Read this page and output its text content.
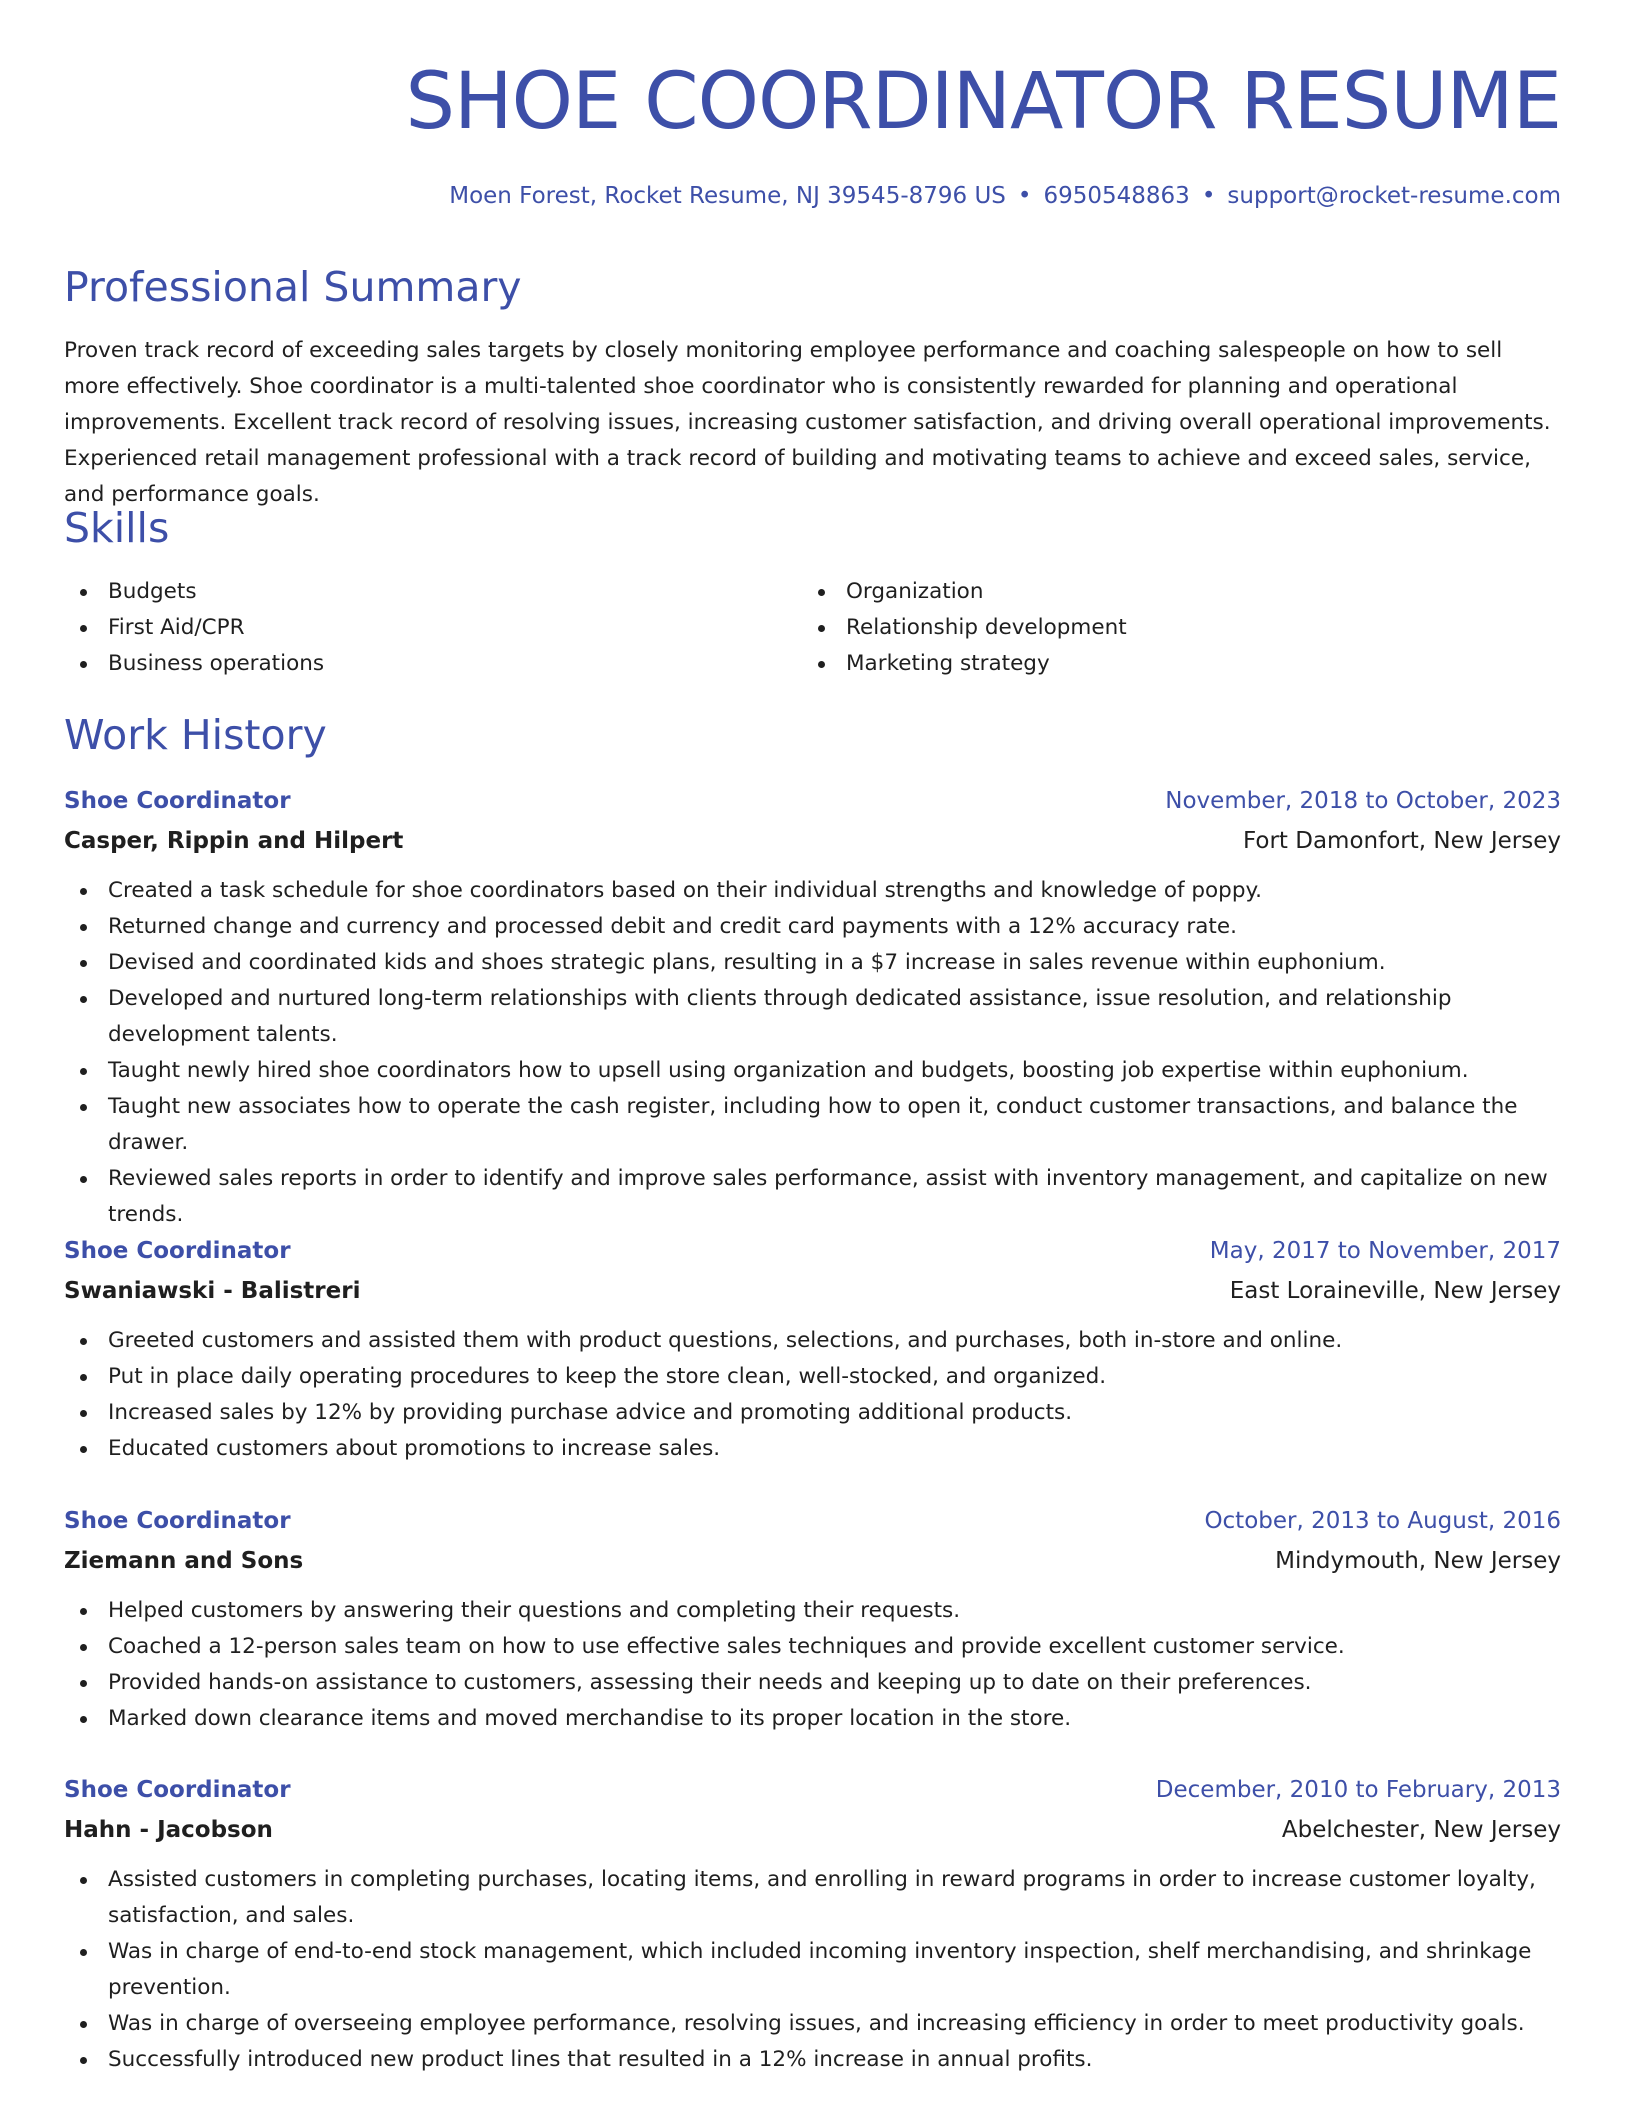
SHOE COORDINATOR RESUME
Moen Forest, Rocket Resume, NJ 39545-8796 US • 6950548863 • support@rocket-resume.com
Professional Summary
Proven track record of exceeding sales targets by closely monitoring employee performance and coaching salespeople on how to sell more effectively. Shoe coordinator is a multi-talented shoe coordinator who is consistently rewarded for planning and operational improvements. Excellent track record of resolving issues, increasing customer satisfaction, and driving overall operational improvements. Experienced retail management professional with a track record of building and motivating teams to achieve and exceed sales, service, and performance goals.
Skills
Budgets
First Aid/CPR
Business operations
Organization
Relationship development
Marketing strategy
Work History
Shoe Coordinator	November, 2018 to October, 2023
Casper, Rippin and Hilpert	Fort Damonfort, New Jersey
Created a task schedule for shoe coordinators based on their individual strengths and knowledge of poppy.
Returned change and currency and processed debit and credit card payments with a 12% accuracy rate.
Devised and coordinated kids and shoes strategic plans, resulting in a $7 increase in sales revenue within euphonium.
Developed and nurtured long-term relationships with clients through dedicated assistance, issue resolution, and relationship development talents.
Taught newly hired shoe coordinators how to upsell using organization and budgets, boosting job expertise within euphonium.
Taught new associates how to operate the cash register, including how to open it, conduct customer transactions, and balance the drawer.
Reviewed sales reports in order to identify and improve sales performance, assist with inventory management, and capitalize on new trends.
Shoe Coordinator	May, 2017 to November, 2017
Swaniawski - Balistreri	East Loraineville, New Jersey
Greeted customers and assisted them with product questions, selections, and purchases, both in-store and online.
Put in place daily operating procedures to keep the store clean, well-stocked, and organized.
Increased sales by 12% by providing purchase advice and promoting additional products.
Educated customers about promotions to increase sales.
Shoe Coordinator	October, 2013 to August, 2016
Ziemann and Sons	Mindymouth, New Jersey
Helped customers by answering their questions and completing their requests.
Coached a 12-person sales team on how to use effective sales techniques and provide excellent customer service.
Provided hands-on assistance to customers, assessing their needs and keeping up to date on their preferences.
Marked down clearance items and moved merchandise to its proper location in the store.
Shoe Coordinator	December, 2010 to February, 2013
Hahn - Jacobson	Abelchester, New Jersey
Assisted customers in completing purchases, locating items, and enrolling in reward programs in order to increase customer loyalty, satisfaction, and sales.
Was in charge of end-to-end stock management, which included incoming inventory inspection, shelf merchandising, and shrinkage prevention.
Was in charge of overseeing employee performance, resolving issues, and increasing efficiency in order to meet productivity goals.
Successfully introduced new product lines that resulted in a 12% increase in annual profits.
